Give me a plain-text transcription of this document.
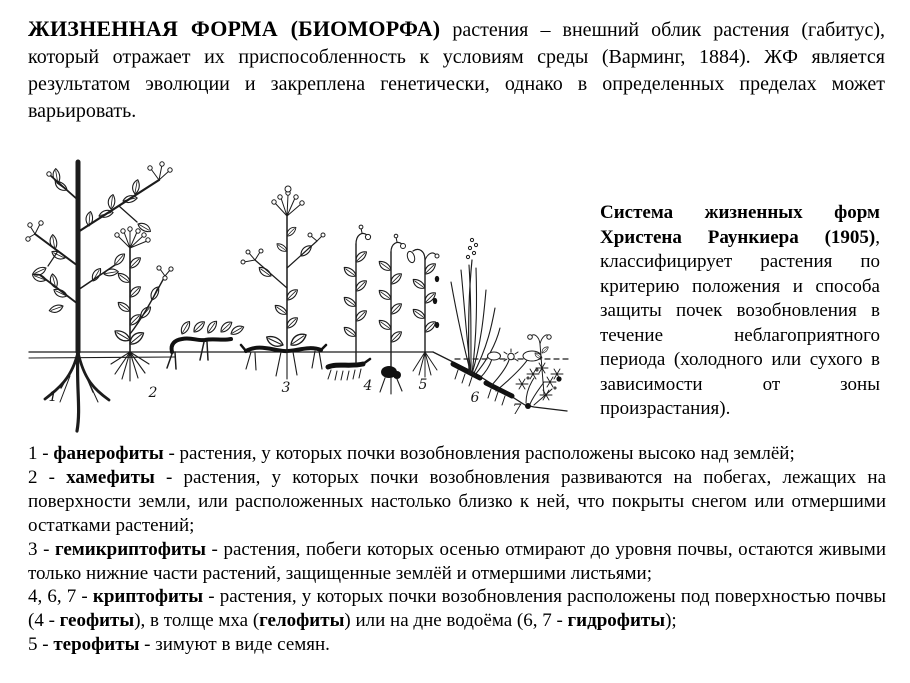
ЖИЗНЕННАЯ ФОРМА (БИОМОРФА) растения – внешний облик растения (габитус), который отражает их приспособленность к условиям среды (Варминг, 1884). ЖФ является результатом эволюции и закреплена генетически, однако в определенных пределах может варьировать.

1	2	3	4	5
6
7

Система жизненных форм Христена Раункиера (1905), классифицирует растения по критерию положения и способа защиты почек возобновления в течение неблагоприятного периода (холодного или сухого в зависимости от зоны произрастания).

1 - фанерофиты - растения, у которых почки возобновления расположены высоко над землёй;

2 - хамефиты - растения, у которых почки возобновления развиваются на побегах, лежащих на поверхности земли, или расположенных настолько близко к ней, что покрыты снегом или отмершими остатками растений;

3 - гемикриптофиты - растения, побеги которых осенью отмирают до уровня почвы, остаются живыми только нижние части растений, защищенные землёй и отмершими листьями;

4, 6, 7 - криптофиты - растения, у которых почки возобновления расположены под поверхностью почвы (4 - геофиты), в толще мха (гелофиты) или на дне водоёма (6, 7 - гидрофиты);

5 - терофиты - зимуют в виде семян.
